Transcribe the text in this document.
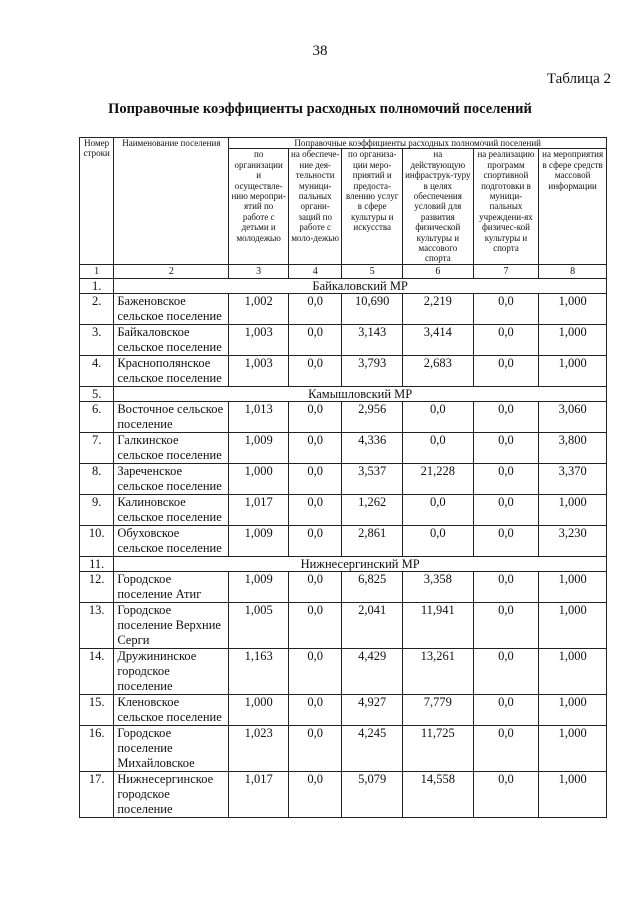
38
Таблица 2
Поправочные коэффициенты расходных полномочий поселений
Номер строки	Наименование поселения	Поправочные коэффициенты расходных полномочий поселений					
		по организации и осуществле-нию меропри-ятий по работе с детьми и молодежью	на обеспече-ние дея-тельности муници-пальных органи-заций по работе с моло-дежью	по организа-ции меро-приятий и предоста-влению услуг в сфере культуры и искусства	на действующую инфраструк-туру в целях обеспечения условий для развития физической культуры и массового спорта	на реализацию программ спортивной подготовки в муници-пальных учреждени-ях физичес-кой культуры и спорта	на мероприятия в сфере средств массовой информации
1	2	3	4	5	6	7	8
1.	Байкаловский МР						
2.	Баженовское сельское поселение	1,002	0,0	10,690	2,219	0,0	1,000
3.	Байкаловское сельское поселение	1,003	0,0	3,143	3,414	0,0	1,000
4.	Краснополянское сельское поселение	1,003	0,0	3,793	2,683	0,0	1,000
5.	Камышловский МР						
6.	Восточное сельское поселение	1,013	0,0	2,956	0,0	0,0	3,060
7.	Галкинское сельское поселение	1,009	0,0	4,336	0,0	0,0	3,800
8.	Зареченское сельское поселение	1,000	0,0	3,537	21,228	0,0	3,370
9.	Калиновское сельское поселение	1,017	0,0	1,262	0,0	0,0	1,000
10.	Обуховское сельское поселение	1,009	0,0	2,861	0,0	0,0	3,230
11.	Нижнесергинский МР						
12.	Городское поселение Атиг	1,009	0,0	6,825	3,358	0,0	1,000
13.	Городское поселение Верхние Серги	1,005	0,0	2,041	11,941	0,0	1,000
14.	Дружининское городское поселение	1,163	0,0	4,429	13,261	0,0	1,000
15.	Кленовское сельское поселение	1,000	0,0	4,927	7,779	0,0	1,000
16.	Городское поселение Михайловское	1,023	0,0	4,245	11,725	0,0	1,000
17.	Нижнесергинское городское поселение	1,017	0,0	5,079	14,558	0,0	1,000
